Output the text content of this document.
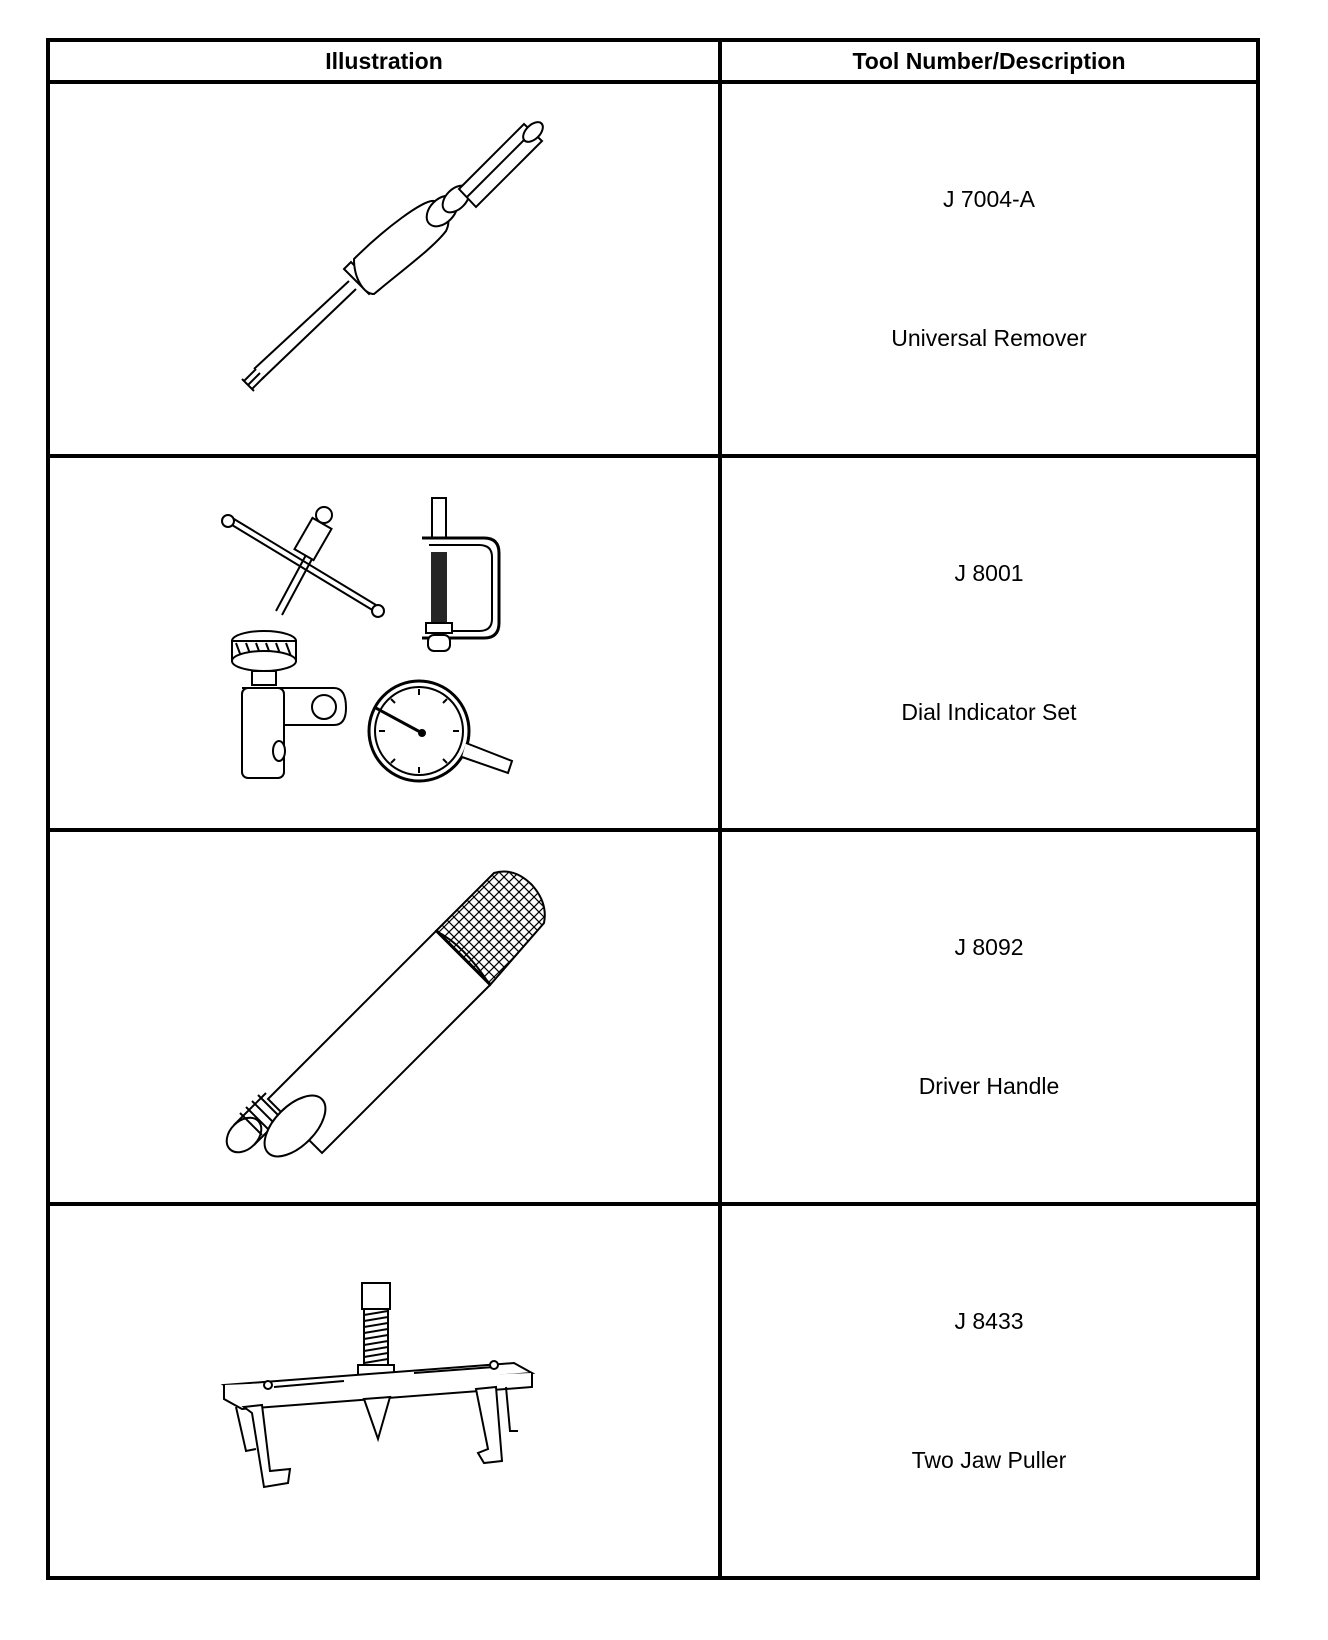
Illustration	Tool Number/Description

J 7004-A
Universal Remover

J 8001
Dial Indicator Set

J 8092
Driver Handle

J 8433
Two Jaw Puller
